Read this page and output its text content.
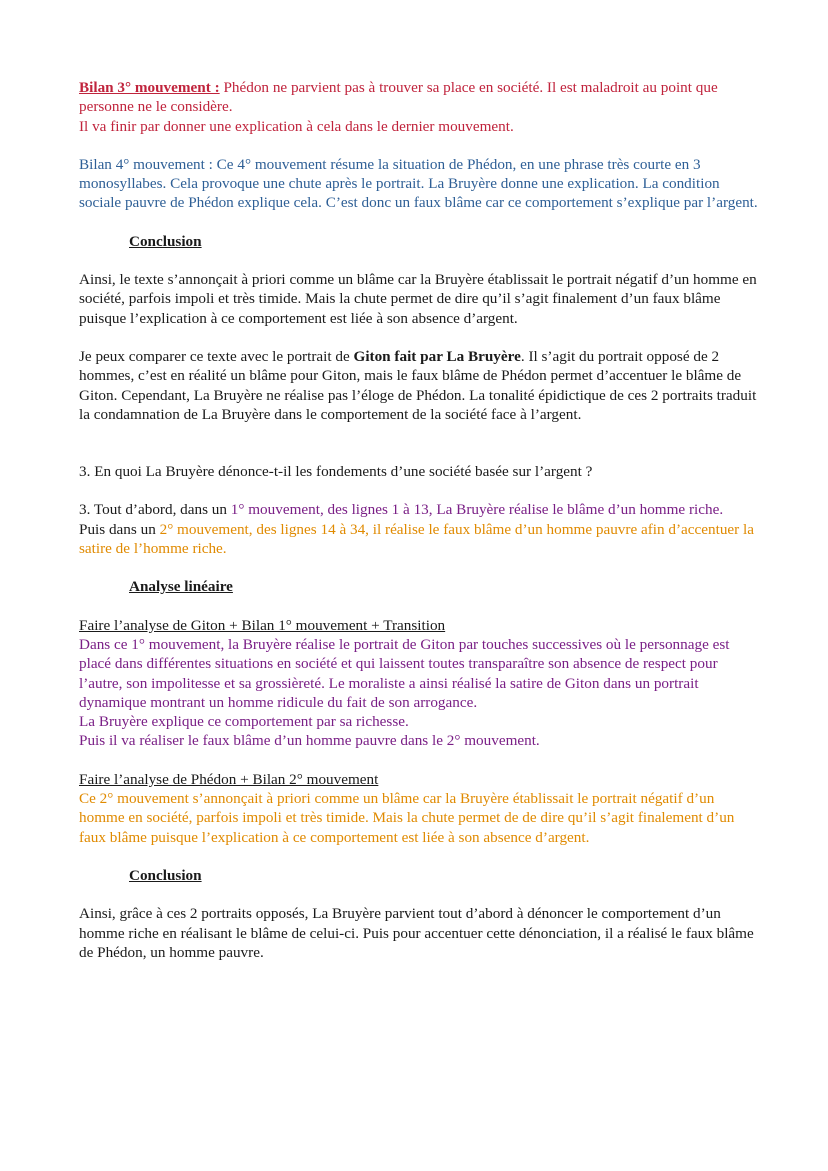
Bilan 3° mouvement : Phédon ne parvient pas à trouver sa place en société. Il est maladroit au point que personne ne le considère.

Il va finir par donner une explication à cela dans le dernier mouvement.

Bilan 4° mouvement : Ce 4° mouvement résume la situation de Phédon, en une phrase très courte en 3 monosyllabes. Cela provoque une chute après le portrait. La Bruyère donne une explication. La condition sociale pauvre de Phédon explique cela. C’est donc un faux blâme car ce comportement s’explique par l’argent.

Conclusion

Ainsi, le texte s’annonçait à priori comme un blâme car la Bruyère établissait le portrait négatif d’un homme en société, parfois impoli et très timide. Mais la chute permet de dire qu’il s’agit finalement d’un faux blâme puisque l’explication à ce comportement est liée à son absence d’argent.

Je peux comparer ce texte avec le portrait de Giton fait par La Bruyère. Il s’agit du portrait opposé de 2 hommes, c’est en réalité un blâme pour Giton, mais le faux blâme de Phédon permet d’accentuer le blâme de Giton. Cependant, La Bruyère ne réalise pas l’éloge de Phédon. La tonalité épidictique de ces 2 portraits traduit la condamnation de La Bruyère dans le comportement de la société face à l’argent.

3. En quoi La Bruyère dénonce-t-il les fondements d’une société basée sur l’argent ?

3. Tout d’abord, dans un 1° mouvement, des lignes 1 à 13, La Bruyère réalise le blâme d’un homme riche.

Puis dans un 2° mouvement, des lignes 14 à 34, il réalise le faux blâme d’un homme pauvre afin d’accentuer la satire de l’homme riche.

Analyse linéaire

Faire l’analyse de Giton + Bilan 1° mouvement + Transition

Dans ce 1° mouvement, la Bruyère réalise le portrait de Giton par touches successives où le personnage est placé dans différentes situations en société et qui laissent toutes transparaître son absence de respect pour l’autre, son impolitesse et sa grossièreté. Le moraliste a ainsi réalisé la satire de Giton dans un portrait dynamique montrant un homme ridicule du fait de son arrogance.

La Bruyère explique ce comportement par sa richesse.

Puis il va réaliser le faux blâme d’un homme pauvre dans le 2° mouvement.

Faire l’analyse de Phédon + Bilan 2° mouvement

Ce 2° mouvement s’annonçait à priori comme un blâme car la Bruyère établissait le portrait négatif d’un homme en société, parfois impoli et très timide. Mais la chute permet de de dire qu’il s’agit finalement d’un faux blâme puisque l’explication à ce comportement est liée à son absence d’argent.

Conclusion

Ainsi, grâce à ces 2 portraits opposés, La Bruyère parvient tout d’abord à dénoncer le comportement d’un homme riche en réalisant le blâme de celui-ci. Puis pour accentuer cette dénonciation, il a réalisé le faux blâme de Phédon, un homme pauvre.
